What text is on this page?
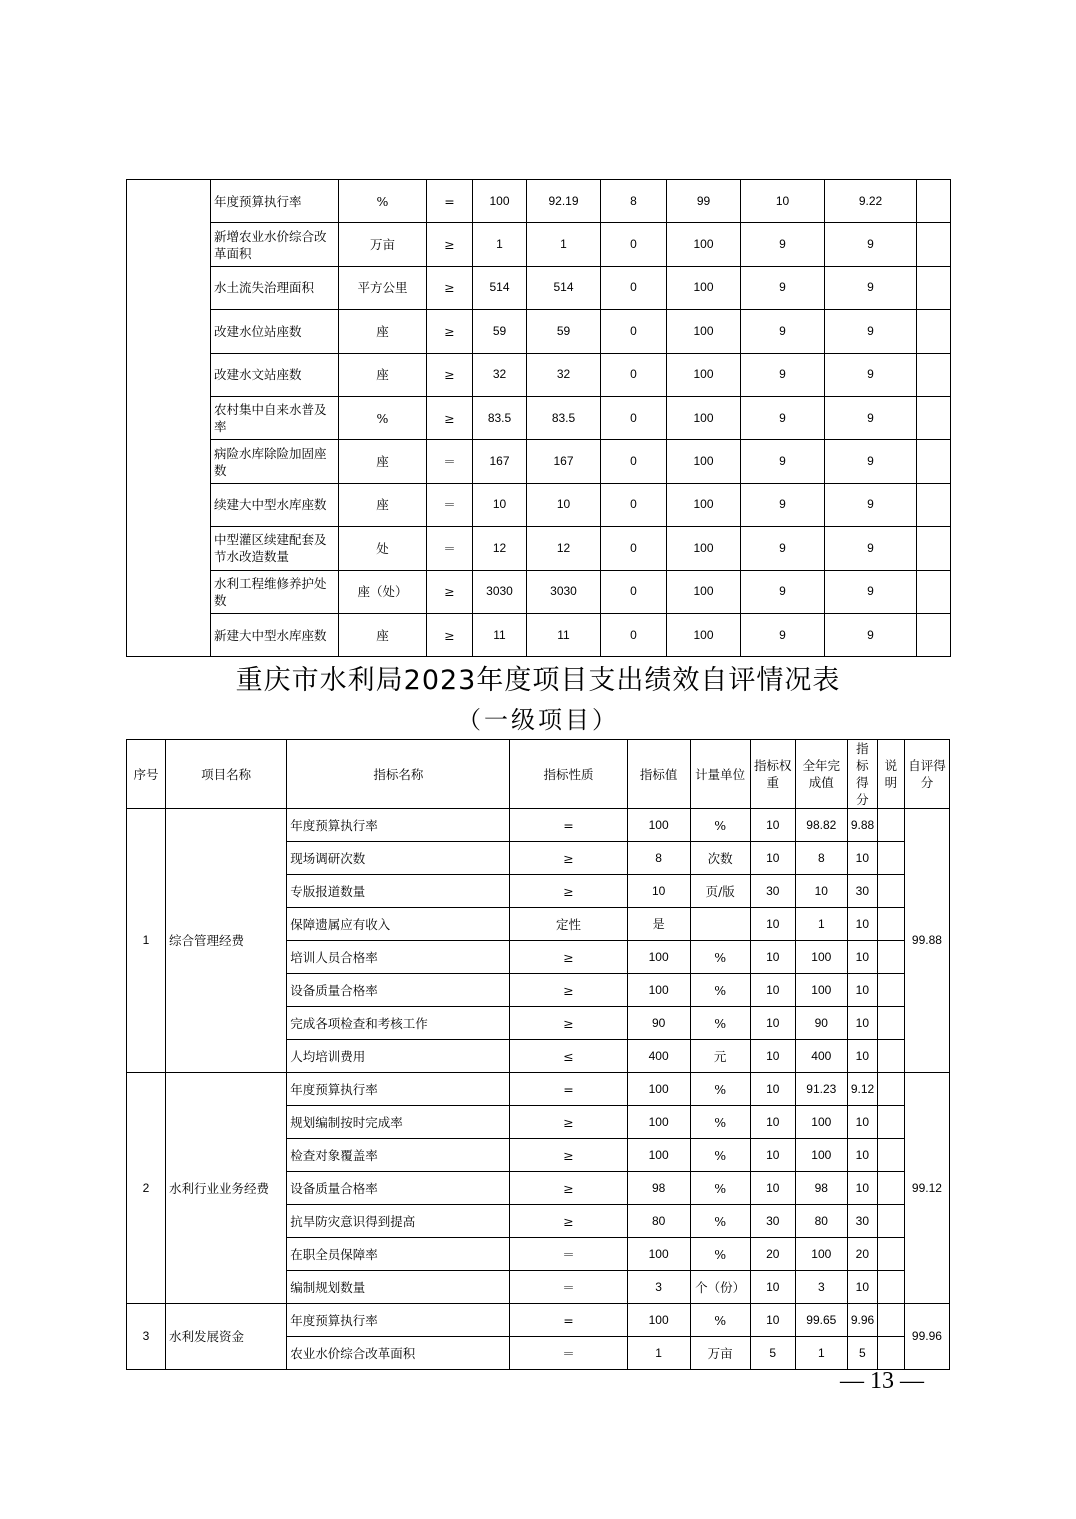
	年度预算执行率	%	=	100	92.19	8	99	10	9.22	
	新增农业水价综合改革面积	万亩	≥	1	1	0	100	9	9	
	水土流失治理面积	平方公里	≥	514	514	0	100	9	9	
	改建水位站座数	座	≥	59	59	0	100	9	9	
	改建水文站座数	座	≥	32	32	0	100	9	9	
	农村集中自来水普及率	%	≥	83.5	83.5	0	100	9	9	
	病险水库除险加固座数	座	＝	167	167	0	100	9	9	
	续建大中型水库座数	座	＝	10	10	0	100	9	9	
	中型灌区续建配套及节水改造数量	处	＝	12	12	0	100	9	9	
	水利工程维修养护处数	座（处）	≥	3030	3030	0	100	9	9	
	新建大中型水库座数	座	≥	11	11	0	100	9	9	
重庆市水利局2023年度项目支出绩效自评情况表
（一级项目）
序号	项目名称	指标名称	指标性质	指标值	计量单位	指标权重	全年完成值	指标得分	说明	自评得分
1	综合管理经费	年度预算执行率	=	100	%	10	98.82	9.88		99.88
		现场调研次数	≥	8	次数	10	8	10		
		专版报道数量	≥	10	页/版	30	10	30		
		保障遗属应有收入	定性	是		10	1	10		
		培训人员合格率	≥	100	%	10	100	10		
		设备质量合格率	≥	100	%	10	100	10		
		完成各项检查和考核工作	≥	90	%	10	90	10		
		人均培训费用	≤	400	元	10	400	10		
2	水利行业业务经费	年度预算执行率	=	100	%	10	91.23	9.12		99.12
		规划编制按时完成率	≥	100	%	10	100	10		
		检查对象覆盖率	≥	100	%	10	100	10		
		设备质量合格率	≥	98	%	10	98	10		
		抗旱防灾意识得到提高	≥	80	%	30	80	30		
		在职全员保障率	＝	100	%	20	100	20		
		编制规划数量	＝	3	个（份）	10	3	10		
3	水利发展资金	年度预算执行率	=	100	%	10	99.65	9.96		99.96
		农业水价综合改革面积	＝	1	万亩	5	1	5		
— 13 —
